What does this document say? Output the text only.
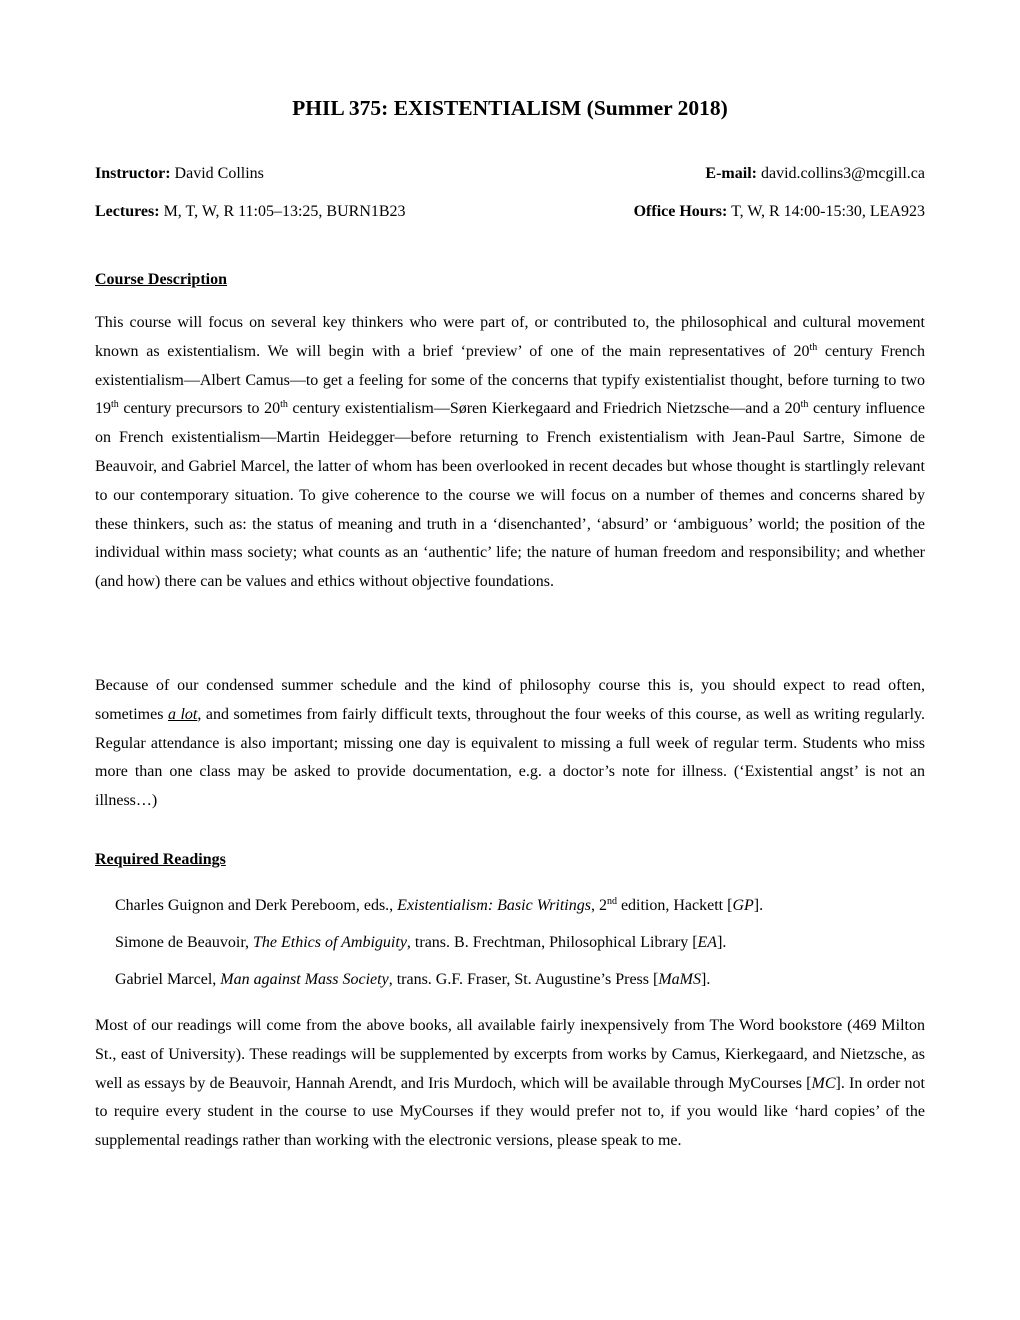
PHIL 375: EXISTENTIALISM (Summer 2018)
Instructor: David Collins	E-mail: david.collins3@mcgill.ca
Lectures: M, T, W, R 11:05–13:25, BURN1B23	Office Hours: T, W, R 14:00-15:30, LEA923
Course Description

This course will focus on several key thinkers who were part of, or contributed to, the philosophical and cultural movement known as existentialism. We will begin with a brief ‘preview’ of one of the main representatives of 20th century French existentialism—Albert Camus—to get a feeling for some of the concerns that typify existentialist thought, before turning to two 19th century precursors to 20th century existentialism—Søren Kierkegaard and Friedrich Nietzsche—and a 20th century influence on French existentialism—Martin Heidegger—before returning to French existentialism with Jean-Paul Sartre, Simone de Beauvoir, and Gabriel Marcel, the latter of whom has been overlooked in recent decades but whose thought is startlingly relevant to our contemporary situation. To give coherence to the course we will focus on a number of themes and concerns shared by these thinkers, such as: the status of meaning and truth in a ‘disenchanted’, ‘absurd’ or ‘ambiguous’ world; the position of the individual within mass society; what counts as an ‘authentic’ life; the nature of human freedom and responsibility; and whether (and how) there can be values and ethics without objective foundations.

Because of our condensed summer schedule and the kind of philosophy course this is, you should expect to read often, sometimes a lot, and sometimes from fairly difficult texts, throughout the four weeks of this course, as well as writing regularly. Regular attendance is also important; missing one day is equivalent to missing a full week of regular term. Students who miss more than one class may be asked to provide documentation, e.g. a doctor’s note for illness. (‘Existential angst’ is not an illness…)

Required Readings
Charles Guignon and Derk Pereboom, eds., Existentialism: Basic Writings, 2nd edition, Hackett [GP].
Simone de Beauvoir, The Ethics of Ambiguity, trans. B. Frechtman, Philosophical Library [EA].
Gabriel Marcel, Man against Mass Society, trans. G.F. Fraser, St. Augustine’s Press [MaMS].

Most of our readings will come from the above books, all available fairly inexpensively from The Word bookstore (469 Milton St., east of University). These readings will be supplemented by excerpts from works by Camus, Kierkegaard, and Nietzsche, as well as essays by de Beauvoir, Hannah Arendt, and Iris Murdoch, which will be available through MyCourses [MC]. In order not to require every student in the course to use MyCourses if they would prefer not to, if you would like ‘hard copies’ of the supplemental readings rather than working with the electronic versions, please speak to me.
